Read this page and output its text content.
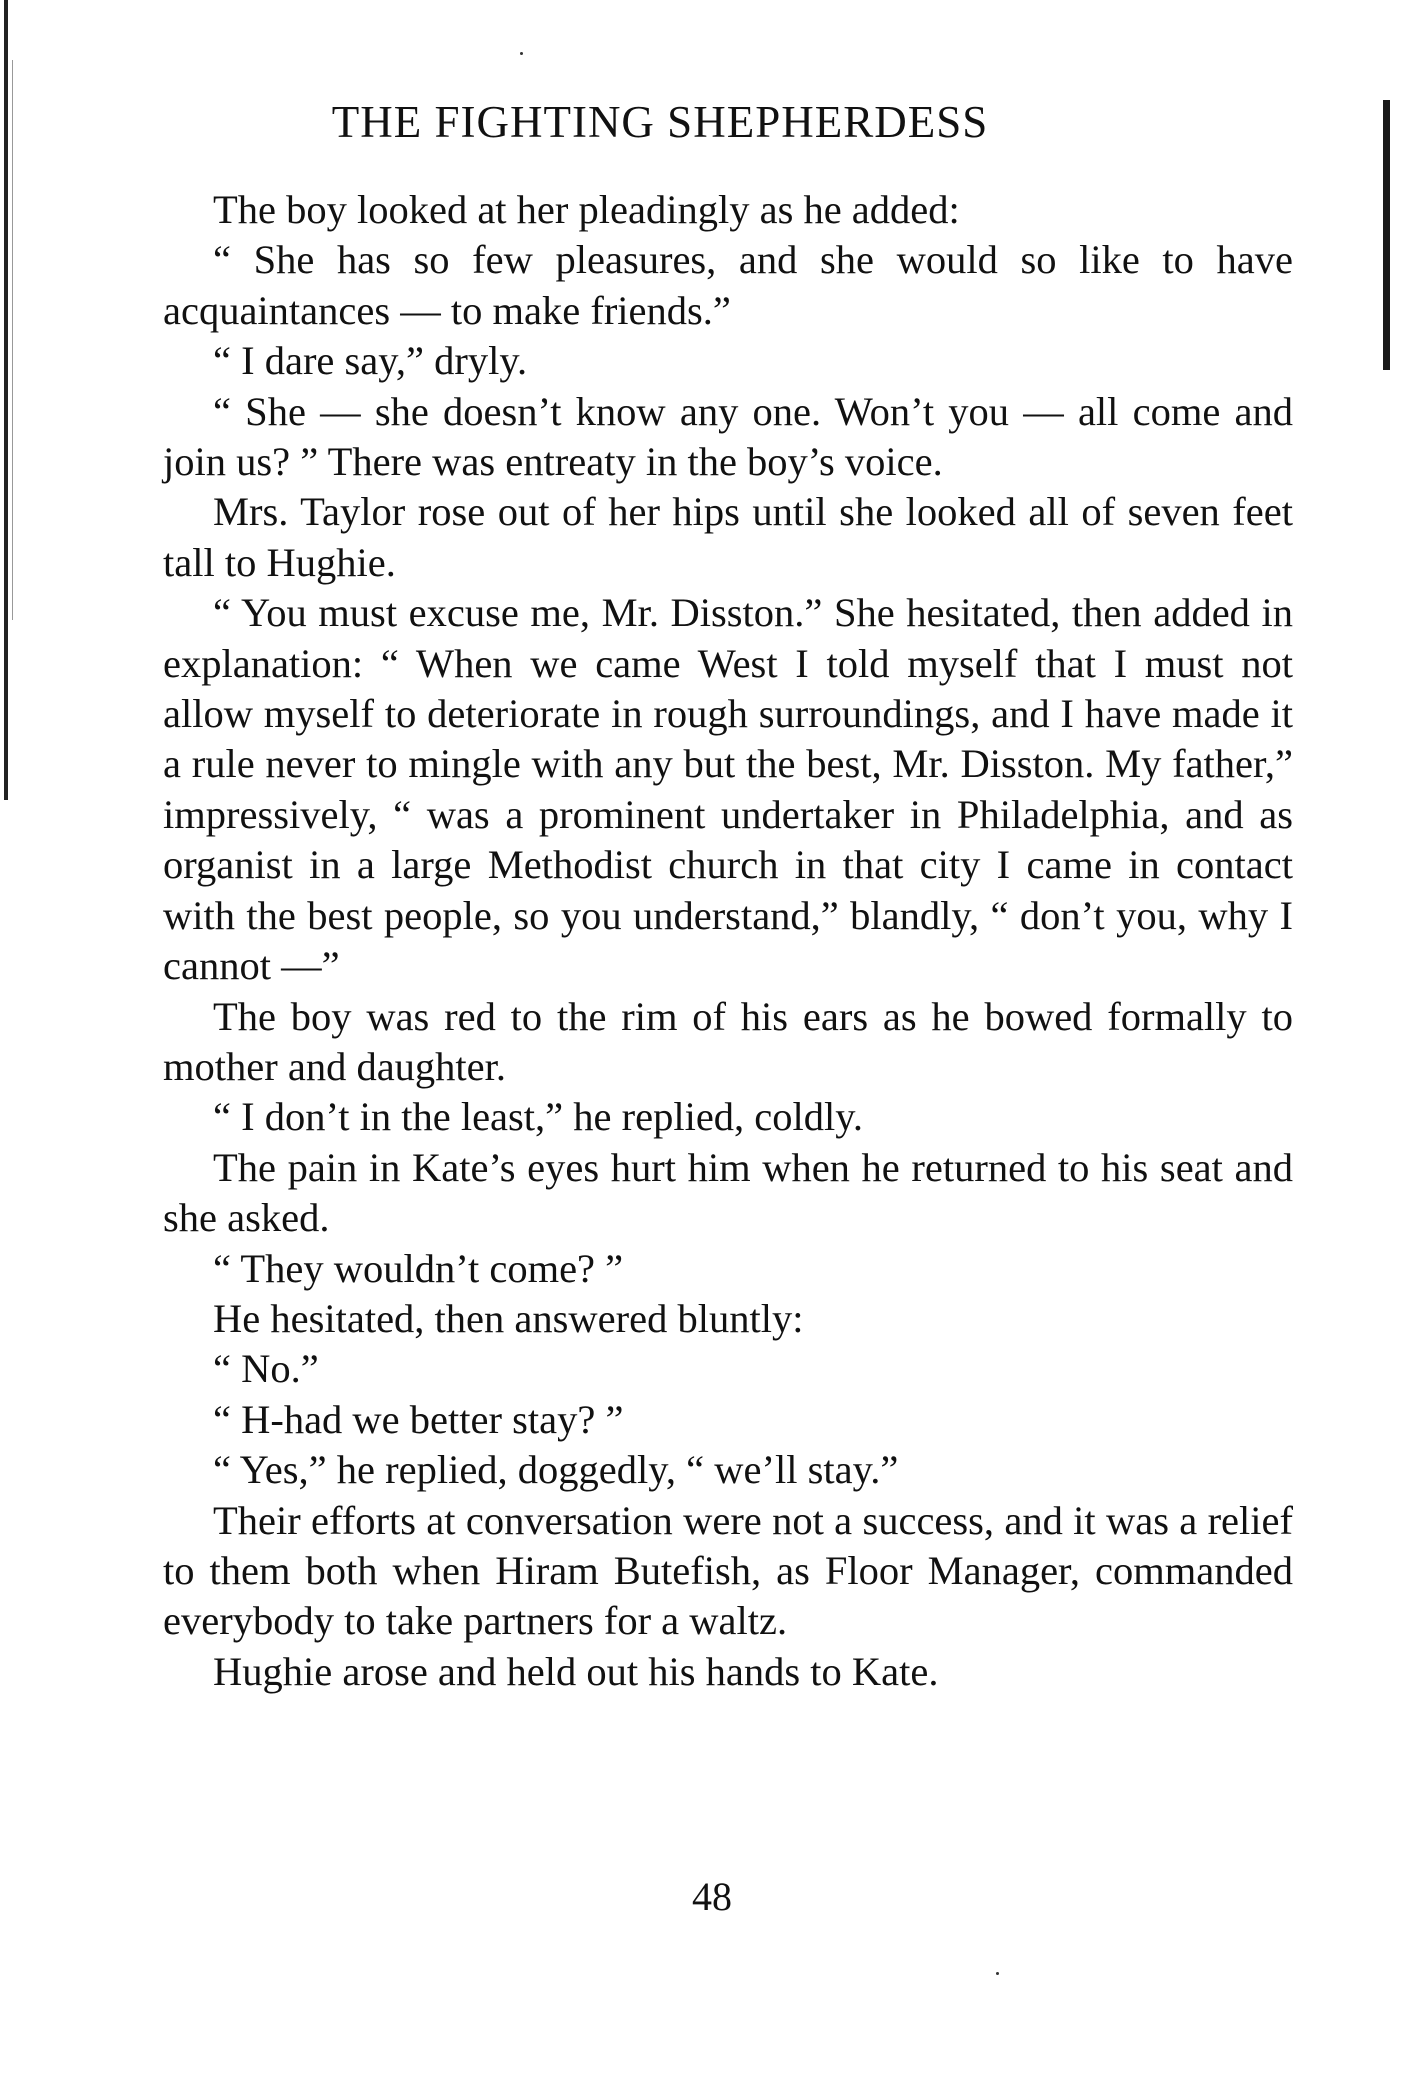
THE FIGHTING SHEPHERDESS

The boy looked at her pleadingly as he added:

“ She has so few pleasures, and she would so like to have acquaintances — to make friends.”

“ I dare say,” dryly.

“ She — she doesn’t know any one. Won’t you — all come and join us? ” There was entreaty in the boy’s voice.

Mrs. Taylor rose out of her hips until she looked all of seven feet tall to Hughie.

“ You must excuse me, Mr. Disston.” She hesitated, then added in explanation: “ When we came West I told myself that I must not allow myself to deteriorate in rough surroundings, and I have made it a rule never to mingle with any but the best, Mr. Disston. My father,” impressively, “ was a prominent undertaker in Philadelphia, and as organist in a large Methodist church in that city I came in contact with the best people, so you understand,” blandly, “ don’t you, why I cannot —”

The boy was red to the rim of his ears as he bowed formally to mother and daughter.

“ I don’t in the least,” he replied, coldly.

The pain in Kate’s eyes hurt him when he returned to his seat and she asked.

“ They wouldn’t come? ”

He hesitated, then answered bluntly:

“ No.”

“ H-had we better stay? ”

“ Yes,” he replied, doggedly, “ we’ll stay.”

Their efforts at conversation were not a success, and it was a relief to them both when Hiram Butefish, as Floor Manager, commanded everybody to take partners for a waltz.

Hughie arose and held out his hands to Kate.

48
